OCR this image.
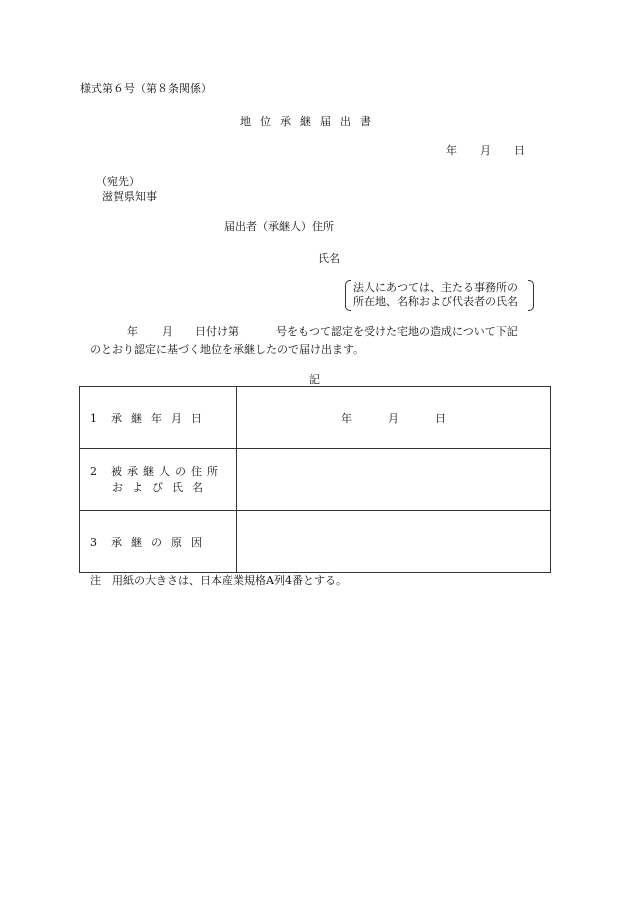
様式第６号（第８条関係）
地位承継届出書
年 月 日
（宛先）
滋賀県知事
届出者（承継人）住所
氏名
法人にあつては、主たる事務所の
所在地、名称および代表者の氏名
年 月 日付け第	号をもつて認定を受けた宅地の造成について下記
のとおり認定に基づく地位を承継したので届け出ます。
記
1 承継年月日	年 月 日

2 被承継人の住所
および氏名	

3 承継の原因	
注　用紙の大きさは、日本産業規格A列4番とする。
